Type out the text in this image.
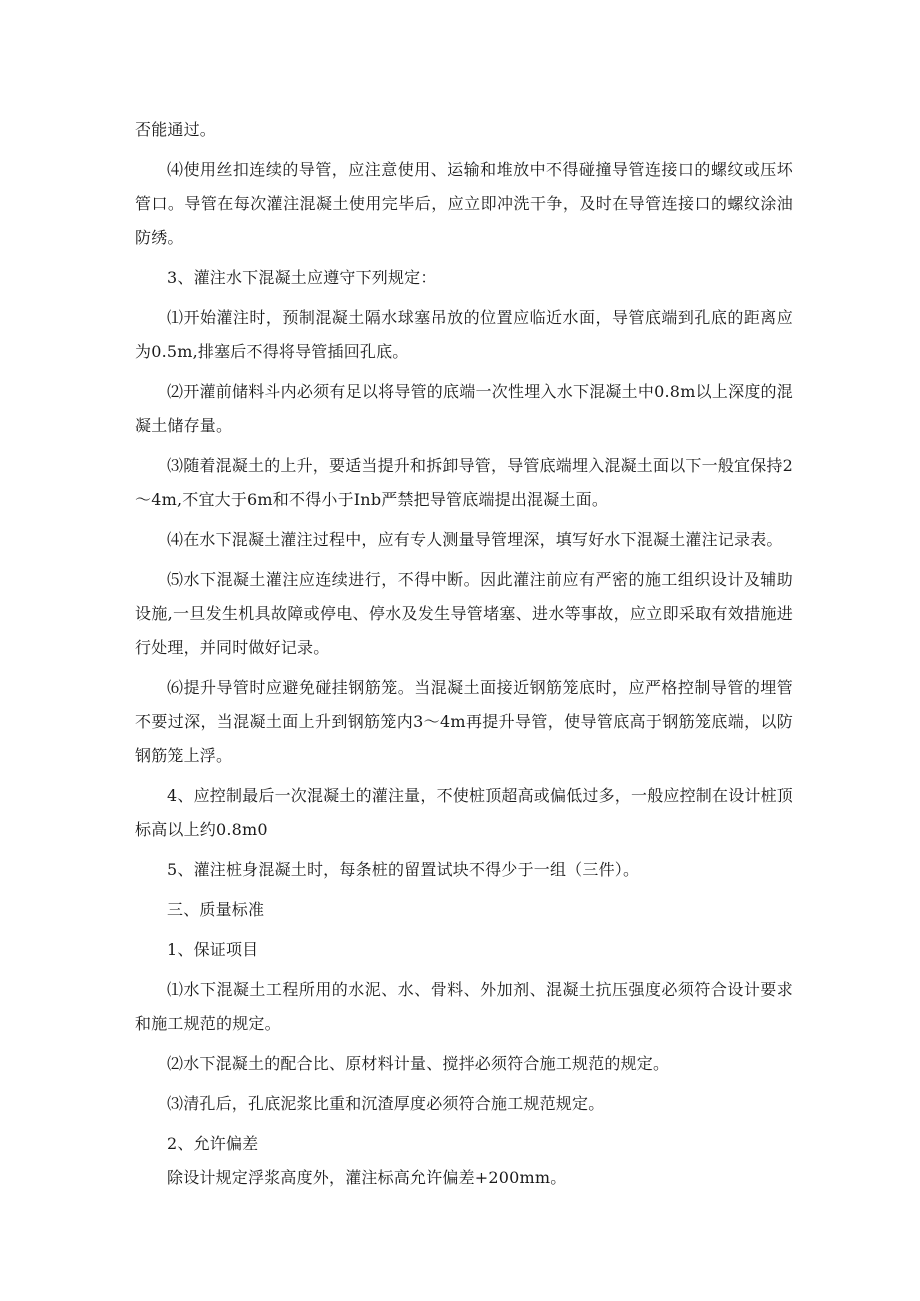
否能通过。

⑷使用丝扣连续的导管，应注意使用、运输和堆放中不得碰撞导管连接口的螺纹或压坏管口。导管在每次灌注混凝土使用完毕后，应立即冲洗干争，及时在导管连接口的螺纹涂油防绣。

3、灌注水下混凝土应遵守下列规定：

⑴开始灌注时，预制混凝土隔水球塞吊放的位置应临近水面，导管底端到孔底的距离应为0.5m,排塞后不得将导管插回孔底。

⑵开灌前储料斗内必须有足以将导管的底端一次性埋入水下混凝土中0.8m以上深度的混凝土储存量。

⑶随着混凝土的上升，要适当提升和拆卸导管，导管底端埋入混凝土面以下一般宜保持2～4m,不宜大于6m和不得小于Inb严禁把导管底端提出混凝土面。

⑷在水下混凝土灌注过程中，应有专人测量导管埋深，填写好水下混凝土灌注记录表。

⑸水下混凝土灌注应连续进行，不得中断。因此灌注前应有严密的施工组织设计及辅助设施,一旦发生机具故障或停电、停水及发生导管堵塞、进水等事故，应立即采取有效措施进行处理，并同时做好记录。

⑹提升导管时应避免碰挂钢筋笼。当混凝土面接近钢筋笼底时，应严格控制导管的埋管不要过深，当混凝土面上升到钢筋笼内3～4m再提升导管，使导管底高于钢筋笼底端，以防钢筋笼上浮。

4、应控制最后一次混凝土的灌注量，不使桩顶超高或偏低过多，一般应控制在设计桩顶标高以上约0.8m0

5、灌注桩身混凝土时，每条桩的留置试块不得少于一组（三件）。

三、质量标准

1、保证项目

⑴水下混凝土工程所用的水泥、水、骨料、外加剂、混凝土抗压强度必须符合设计要求和施工规范的规定。

⑵水下混凝土的配合比、原材料计量、搅拌必须符合施工规范的规定。

⑶清孔后，孔底泥浆比重和沉渣厚度必须符合施工规范规定。

2、允许偏差

除设计规定浮浆高度外，灌注标高允许偏差+200mm。
